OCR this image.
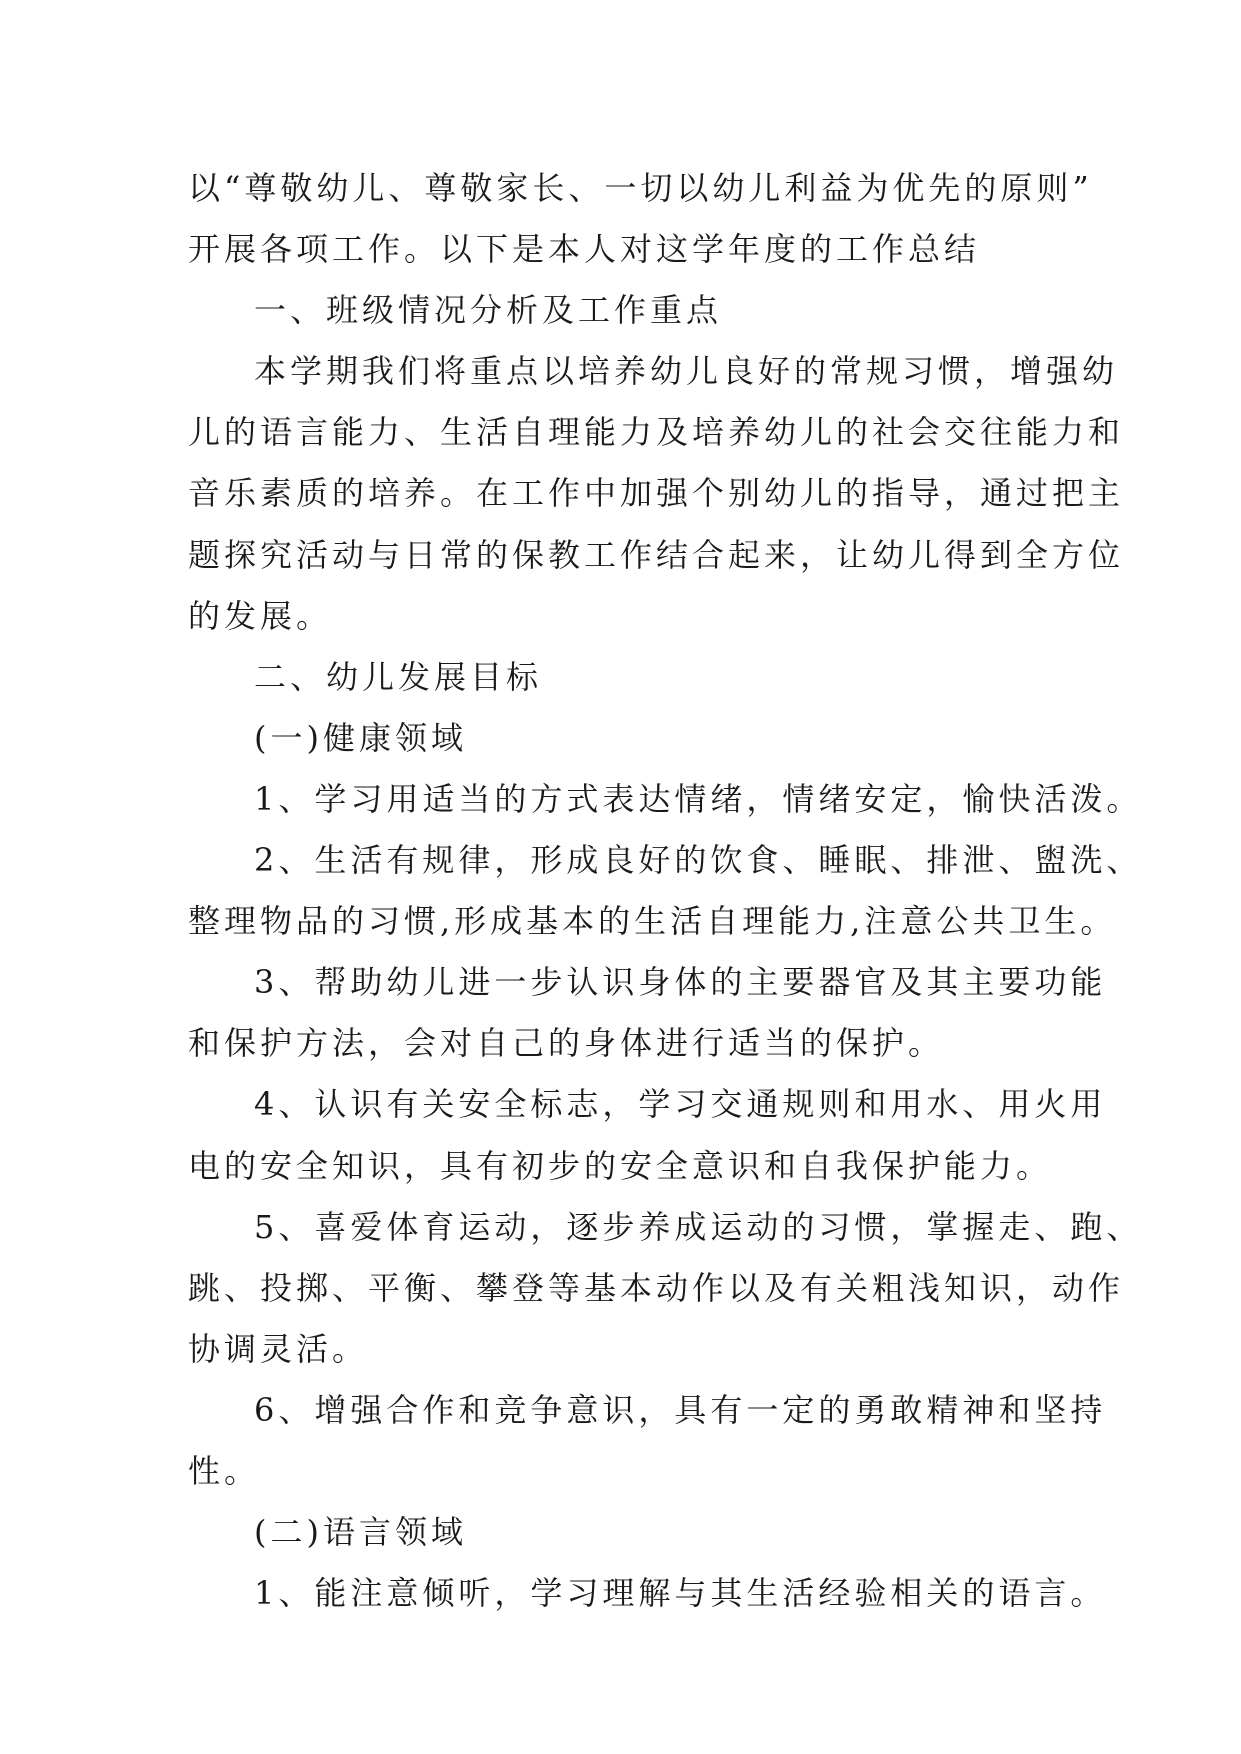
以“尊敬幼儿、尊敬家长、一切以幼儿利益为优先的原则”
开展各项工作。以下是本人对这学年度的工作总结
一、班级情况分析及工作重点
本学期我们将重点以培养幼儿良好的常规习惯，增强幼
儿的语言能力、生活自理能力及培养幼儿的社会交往能力和
音乐素质的培养。在工作中加强个别幼儿的指导，通过把主
题探究活动与日常的保教工作结合起来，让幼儿得到全方位
的发展。
二、幼儿发展目标
(一)健康领域
1、学习用适当的方式表达情绪，情绪安定，愉快活泼。
2、生活有规律，形成良好的饮食、睡眠、排泄、盥洗、
整理物品的习惯,形成基本的生活自理能力,注意公共卫生。
3、帮助幼儿进一步认识身体的主要器官及其主要功能
和保护方法，会对自己的身体进行适当的保护。
4、认识有关安全标志，学习交通规则和用水、用火用
电的安全知识，具有初步的安全意识和自我保护能力。
5、喜爱体育运动，逐步养成运动的习惯，掌握走、跑、
跳、投掷、平衡、攀登等基本动作以及有关粗浅知识，动作
协调灵活。
6、增强合作和竞争意识，具有一定的勇敢精神和坚持
性。
(二)语言领域
1、能注意倾听，学习理解与其生活经验相关的语言。
